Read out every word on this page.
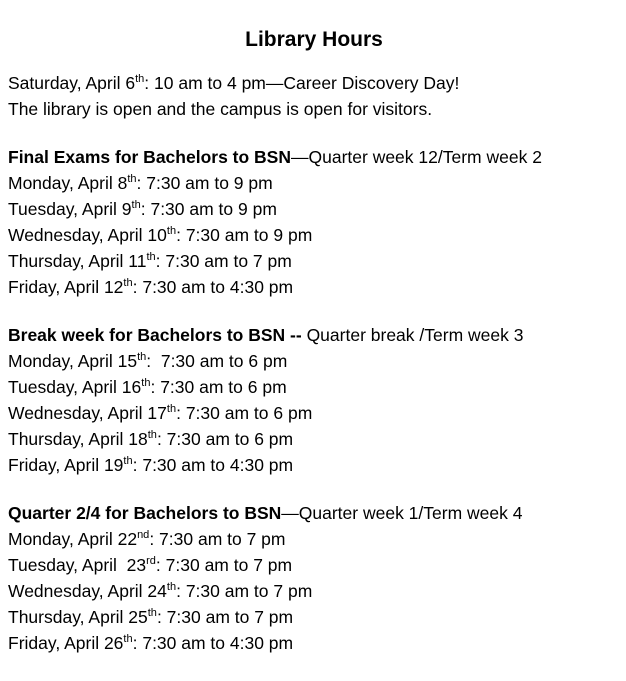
Library Hours
Saturday, April 6th: 10 am to 4 pm—Career Discovery Day!
The library is open and the campus is open for visitors.
Final Exams for Bachelors to BSN—Quarter week 12/Term week 2
Monday, April 8th: 7:30 am to 9 pm
Tuesday, April 9th: 7:30 am to 9 pm
Wednesday, April 10th: 7:30 am to 9 pm
Thursday, April 11th: 7:30 am to 7 pm
Friday, April 12th: 7:30 am to 4:30 pm
Break week for Bachelors to BSN -- Quarter break /Term week 3
Monday, April 15th:  7:30 am to 6 pm
Tuesday, April 16th: 7:30 am to 6 pm
Wednesday, April 17th: 7:30 am to 6 pm
Thursday, April 18th: 7:30 am to 6 pm
Friday, April 19th: 7:30 am to 4:30 pm
Quarter 2/4 for Bachelors to BSN—Quarter week 1/Term week 4
Monday, April 22nd: 7:30 am to 7 pm
Tuesday, April  23rd: 7:30 am to 7 pm
Wednesday, April 24th: 7:30 am to 7 pm
Thursday, April 25th: 7:30 am to 7 pm
Friday, April 26th: 7:30 am to 4:30 pm
